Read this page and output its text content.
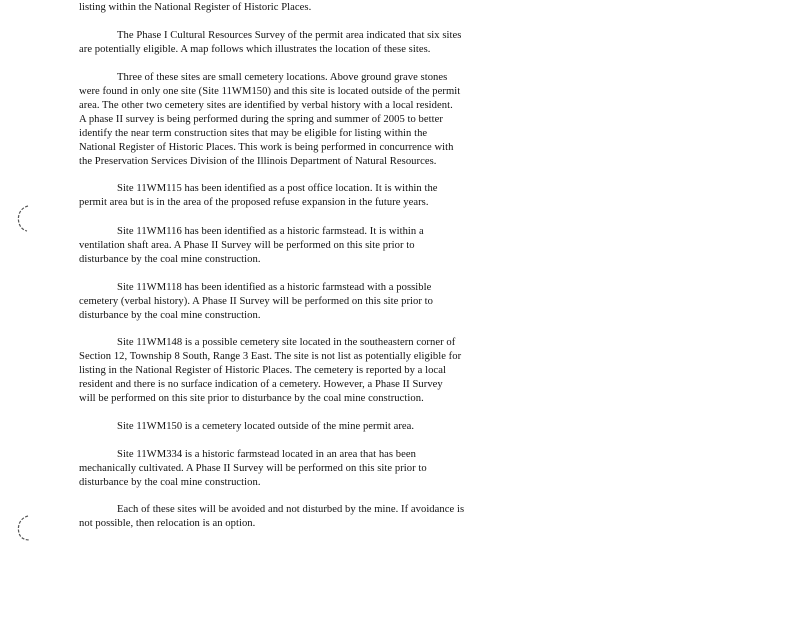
listing within the National Register of Historic Places.

The Phase I Cultural Resources Survey of the permit area indicated that six sites

are potentially eligible. A map follows which illustrates the location of these sites.

Three of these sites are small cemetery locations. Above ground grave stones

were found in only one site (Site 11WM150) and this site is located outside of the permit

area. The other two cemetery sites are identified by verbal history with a local resident.

A phase II survey is being performed during the spring and summer of 2005 to better

identify the near term construction sites that may be eligible for listing within the

National Register of Historic Places. This work is being performed in concurrence with

the Preservation Services Division of the Illinois Department of Natural Resources.

Site 11WM115 has been identified as a post office location. It is within the

permit area but is in the area of the proposed refuse expansion in the future years.

Site 11WM116 has been identified as a historic farmstead. It is within a

ventilation shaft area. A Phase II Survey will be performed on this site prior to

disturbance by the coal mine construction.

Site 11WM118 has been identified as a historic farmstead with a possible

cemetery (verbal history). A Phase II Survey will be performed on this site prior to

disturbance by the coal mine construction.

Site 11WM148 is a possible cemetery site located in the southeastern corner of

Section 12, Township 8 South, Range 3 East. The site is not list as potentially eligible for

listing in the National Register of Historic Places. The cemetery is reported by a local

resident and there is no surface indication of a cemetery. However, a Phase II Survey

will be performed on this site prior to disturbance by the coal mine construction.

Site 11WM150 is a cemetery located outside of the mine permit area.

Site 11WM334 is a historic farmstead located in an area that has been

mechanically cultivated. A Phase II Survey will be performed on this site prior to

disturbance by the coal mine construction.

Each of these sites will be avoided and not disturbed by the mine. If avoidance is

not possible, then relocation is an option.
